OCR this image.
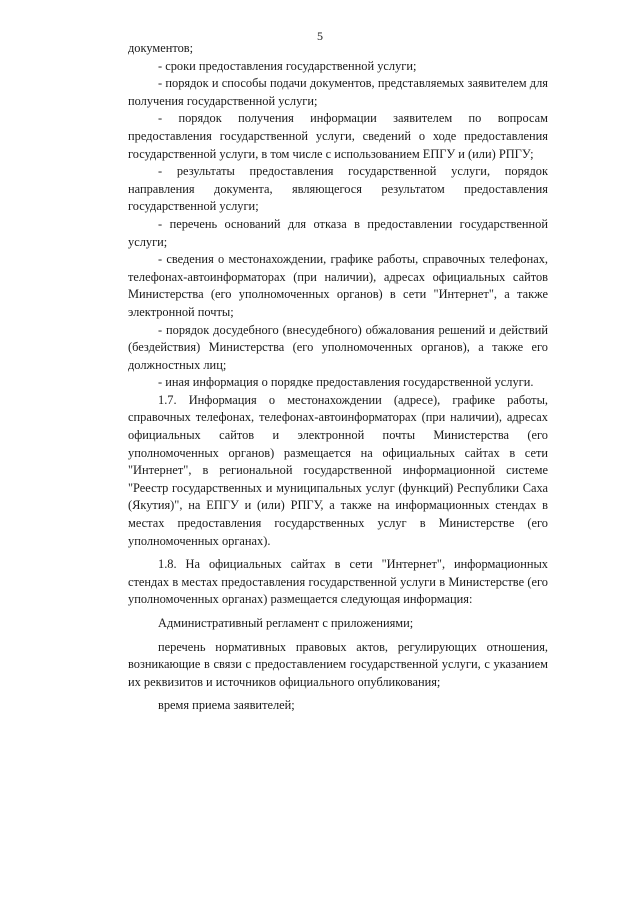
5

документов;

- сроки предоставления государственной услуги;

- порядок и способы подачи документов, представляемых заявителем для получения государственной услуги;

- порядок получения информации заявителем по вопросам предоставления государственной услуги, сведений о ходе предоставления государственной услуги, в том числе с использованием ЕПГУ и (или) РПГУ;

- результаты предоставления государственной услуги, порядок направления документа, являющегося результатом предоставления государственной услуги;

- перечень оснований для отказа в предоставлении государственной услуги;

- сведения о местонахождении, графике работы, справочных телефонах, телефонах-автоинформаторах (при наличии), адресах официальных сайтов Министерства (его уполномоченных органов) в сети "Интернет", а также электронной почты;

- порядок досудебного (внесудебного) обжалования решений и действий (бездействия) Министерства (его уполномоченных органов), а также его должностных лиц;

- иная информация о порядке предоставления государственной услуги.

1.7. Информация о местонахождении (адресе), графике работы, справочных телефонах, телефонах-автоинформаторах (при наличии), адресах официальных сайтов и электронной почты Министерства (его уполномоченных органов) размещается на официальных сайтах в сети "Интернет", в региональной государственной информационной системе "Реестр государственных и муниципальных услуг (функций) Республики Саха (Якутия)", на ЕПГУ и (или) РПГУ, а также на информационных стендах в местах предоставления государственных услуг в Министерстве (его уполномоченных органах).

1.8. На официальных сайтах в сети "Интернет", информационных стендах в местах предоставления государственной услуги в Министерстве (его уполномоченных органах) размещается следующая информация:

Административный регламент с приложениями;

перечень нормативных правовых актов, регулирующих отношения, возникающие в связи с предоставлением государственной услуги, с указанием их реквизитов и источников официального опубликования;

время приема заявителей;
